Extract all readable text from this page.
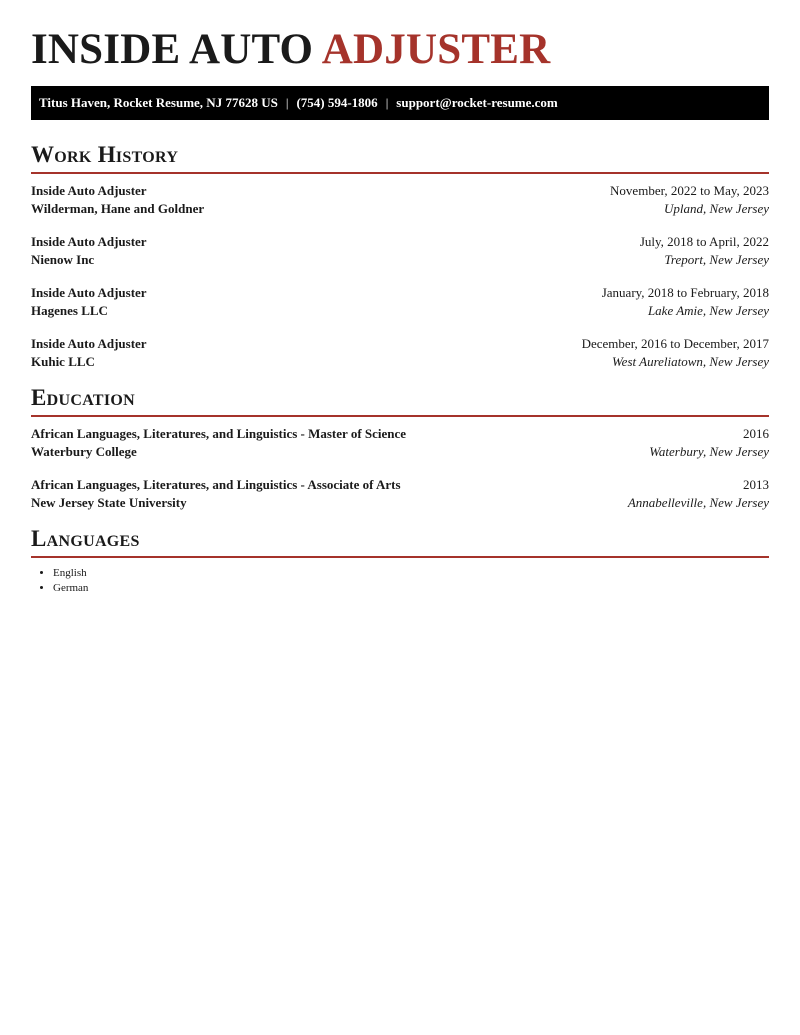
INSIDE AUTO ADJUSTER
Titus Haven, Rocket Resume, NJ 77628 US | (754) 594-1806 | support@rocket-resume.com
Work History
Inside Auto Adjuster	November, 2022 to May, 2023
Wilderman, Hane and Goldner	Upland, New Jersey
Inside Auto Adjuster	July, 2018 to April, 2022
Nienow Inc	Treport, New Jersey
Inside Auto Adjuster	January, 2018 to February, 2018
Hagenes LLC	Lake Amie, New Jersey
Inside Auto Adjuster	December, 2016 to December, 2017
Kuhic LLC	West Aureliatown, New Jersey
Education
African Languages, Literatures, and Linguistics - Master of Science	2016
Waterbury College	Waterbury, New Jersey
African Languages, Literatures, and Linguistics - Associate of Arts	2013
New Jersey State University	Annabelleville, New Jersey
Languages
• English
• German
